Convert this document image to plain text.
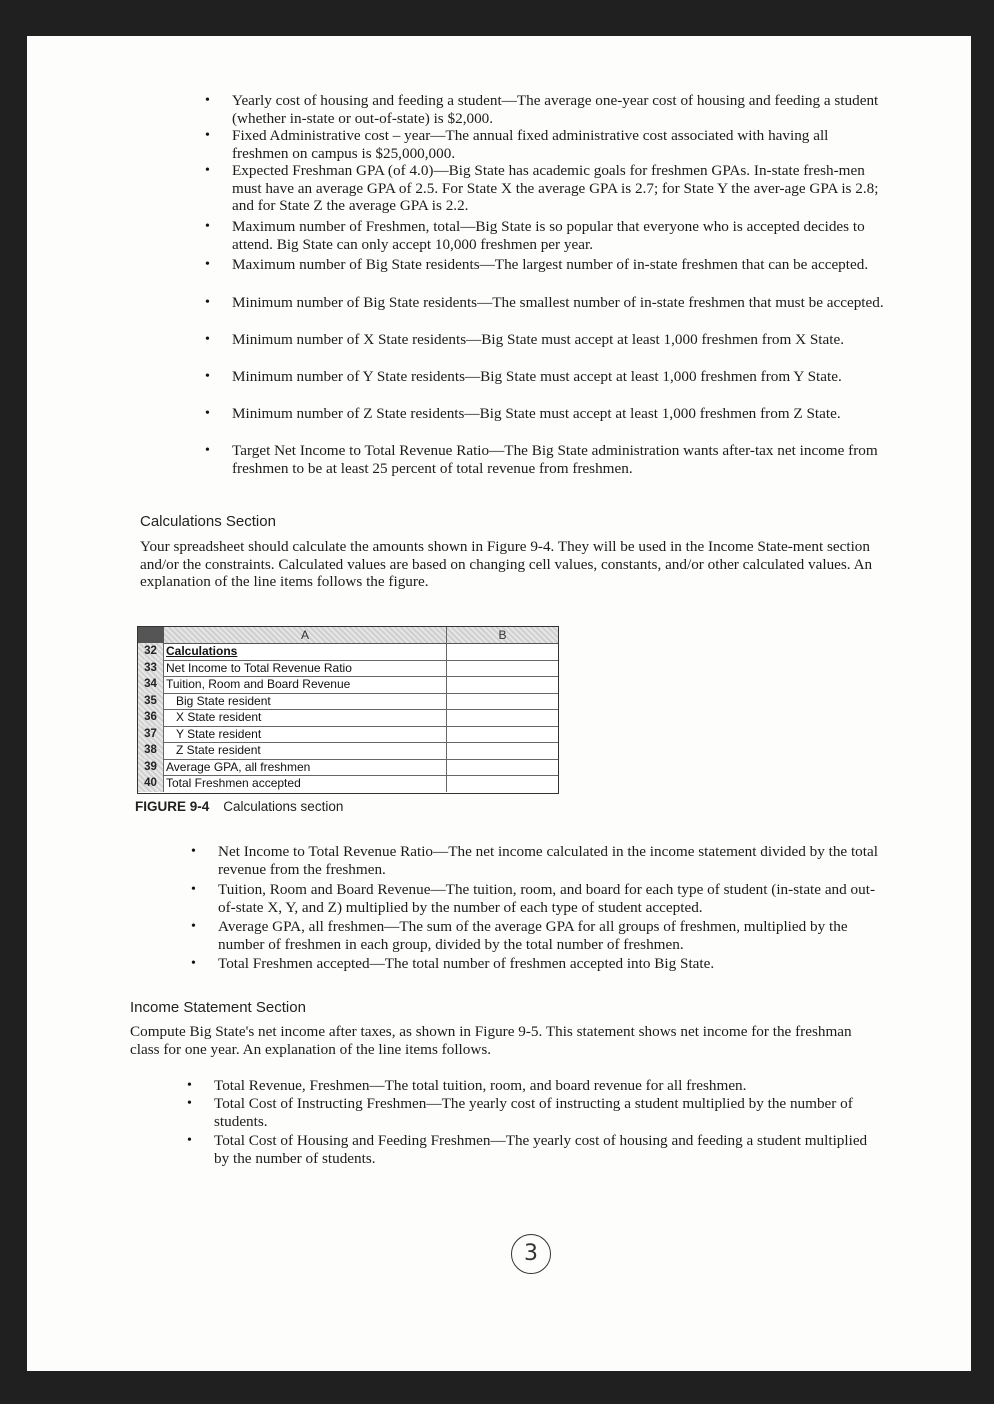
• Yearly cost of housing and feeding a student—The average one-year cost of housing and feeding a student (whether in-state or out-of-state) is $2,000.
• Fixed Administrative cost – year—The annual fixed administrative cost associated with having all freshmen on campus is $25,000,000.
• Expected Freshman GPA (of 4.0)—Big State has academic goals for freshmen GPAs. In-state fresh-men must have an average GPA of 2.5. For State X the average GPA is 2.7; for State Y the aver-age GPA is 2.8; and for State Z the average GPA is 2.2.
• Maximum number of Freshmen, total—Big State is so popular that everyone who is accepted decides to attend. Big State can only accept 10,000 freshmen per year.
• Maximum number of Big State residents—The largest number of in-state freshmen that can be accepted.
• Minimum number of Big State residents—The smallest number of in-state freshmen that must be accepted.
• Minimum number of X State residents—Big State must accept at least 1,000 freshmen from X State.
• Minimum number of Y State residents—Big State must accept at least 1,000 freshmen from Y State.
• Minimum number of Z State residents—Big State must accept at least 1,000 freshmen from Z State.
• Target Net Income to Total Revenue Ratio—The Big State administration wants after-tax net income from freshmen to be at least 25 percent of total revenue from freshmen.
Calculations Section

Your spreadsheet should calculate the amounts shown in Figure 9-4. They will be used in the Income State-ment section and/or the constraints. Calculated values are based on changing cell values, constants, and/or other calculated values. An explanation of the line items follows the figure.

A	B
32 Calculations
33 Net Income to Total Revenue Ratio
34 Tuition, Room and Board Revenue
35	Big State resident
36	X State resident
37	Y State resident
38	Z State resident
39 Average GPA, all freshmen
40 Total Freshmen accepted
FIGURE 9-4 Calculations section
• Net Income to Total Revenue Ratio—The net income calculated in the income statement divided by the total revenue from the freshmen.
• Tuition, Room and Board Revenue—The tuition, room, and board for each type of student (in-state and out-of-state X, Y, and Z) multiplied by the number of each type of student accepted.
• Average GPA, all freshmen—The sum of the average GPA for all groups of freshmen, multiplied by the number of freshmen in each group, divided by the total number of freshmen.
• Total Freshmen accepted—The total number of freshmen accepted into Big State.
Income Statement Section

Compute Big State's net income after taxes, as shown in Figure 9-5. This statement shows net income for the freshman class for one year. An explanation of the line items follows.

• Total Revenue, Freshmen—The total tuition, room, and board revenue for all freshmen.
• Total Cost of Instructing Freshmen—The yearly cost of instructing a student multiplied by the number of students.
• Total Cost of Housing and Feeding Freshmen—The yearly cost of housing and feeding a student multiplied by the number of students.
3
